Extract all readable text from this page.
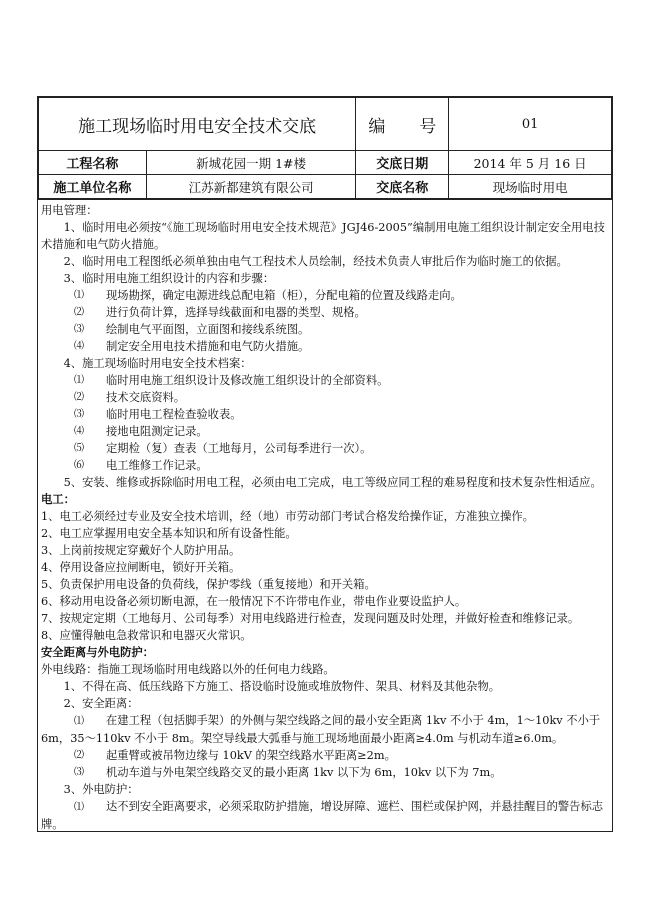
施工现场临时用电安全技术交底		编　　号	01
工程名称	新城花园一期 1#楼	交底日期	2014 年 5 月 16 日
施工单位名称	江苏新都建筑有限公司	交底名称	现场临时用电

用电管理：

1、临时用电必须按“《施工现场临时用电安全技术规范》JGJ46-2005”编制用电施工组织设计制定安全用电技术措施和电气防火措施。

2、临时用电工程图纸必须单独由电气工程技术人员绘制，经技术负责人审批后作为临时施工的依据。

3、临时用电施工组织设计的内容和步骤：

⑴	现场勘探，确定电源进线总配电箱（柜），分配电箱的位置及线路走向。
⑵	进行负荷计算，选择导线截面和电器的类型、规格。
⑶	绘制电气平面图，立面图和接线系统图。
⑷	制定安全用电技术措施和电气防火措施。

4、施工现场临时用电安全技术档案：

⑴	临时用电施工组织设计及修改施工组织设计的全部资料。
⑵	技术交底资料。
⑶	临时用电工程检查验收表。
⑷	接地电阻测定记录。
⑸	定期检（复）查表（工地每月，公司每季进行一次）。
⑹	电工维修工作记录。

5、安装、维修或拆除临时用电工程，必须由电工完成，电工等级应同工程的难易程度和技术复杂性相适应。

电工：

1、电工必须经过专业及安全技术培训，经（地）市劳动部门考试合格发给操作证，方准独立操作。

2、电工应掌握用电安全基本知识和所有设备性能。

3、上岗前按规定穿戴好个人防护用品。

4、停用设备应拉闸断电，锁好开关箱。

5、负责保护用电设备的负荷线，保护零线（重复接地）和开关箱。

6、移动用电设备必须切断电源，在一般情况下不许带电作业，带电作业要设监护人。

7、按规定定期（工地每月、公司每季）对用电线路进行检查，发现问题及时处理，并做好检查和维修记录。

8、应懂得触电急救常识和电器灭火常识。

安全距离与外电防护：

外电线路：指施工现场临时用电线路以外的任何电力线路。

1、不得在高、低压线路下方施工、搭设临时设施或堆放物件、架具、材料及其他杂物。

2、安全距离：

⑴ 在建工程（包括脚手架）的外侧与架空线路之间的最小安全距离 1kv 不小于 4m，1～10kv 不小于 6m，35～110kv 不小于 8m。架空导线最大弧垂与施工现场地面最小距离≥4.0m 与机动车道≥6.0m。

⑵	起重臂或被吊物边缘与 10kV 的架空线路水平距离≥2m。
⑶	机动车道与外电架空线路交叉的最小距离 1kv 以下为 6m，10kv 以下为 7m。

3、外电防护：

⑴ 达不到安全距离要求，必须采取防护措施，增设屏障、遮栏、围栏或保护网，并悬挂醒目的警告标志牌。
